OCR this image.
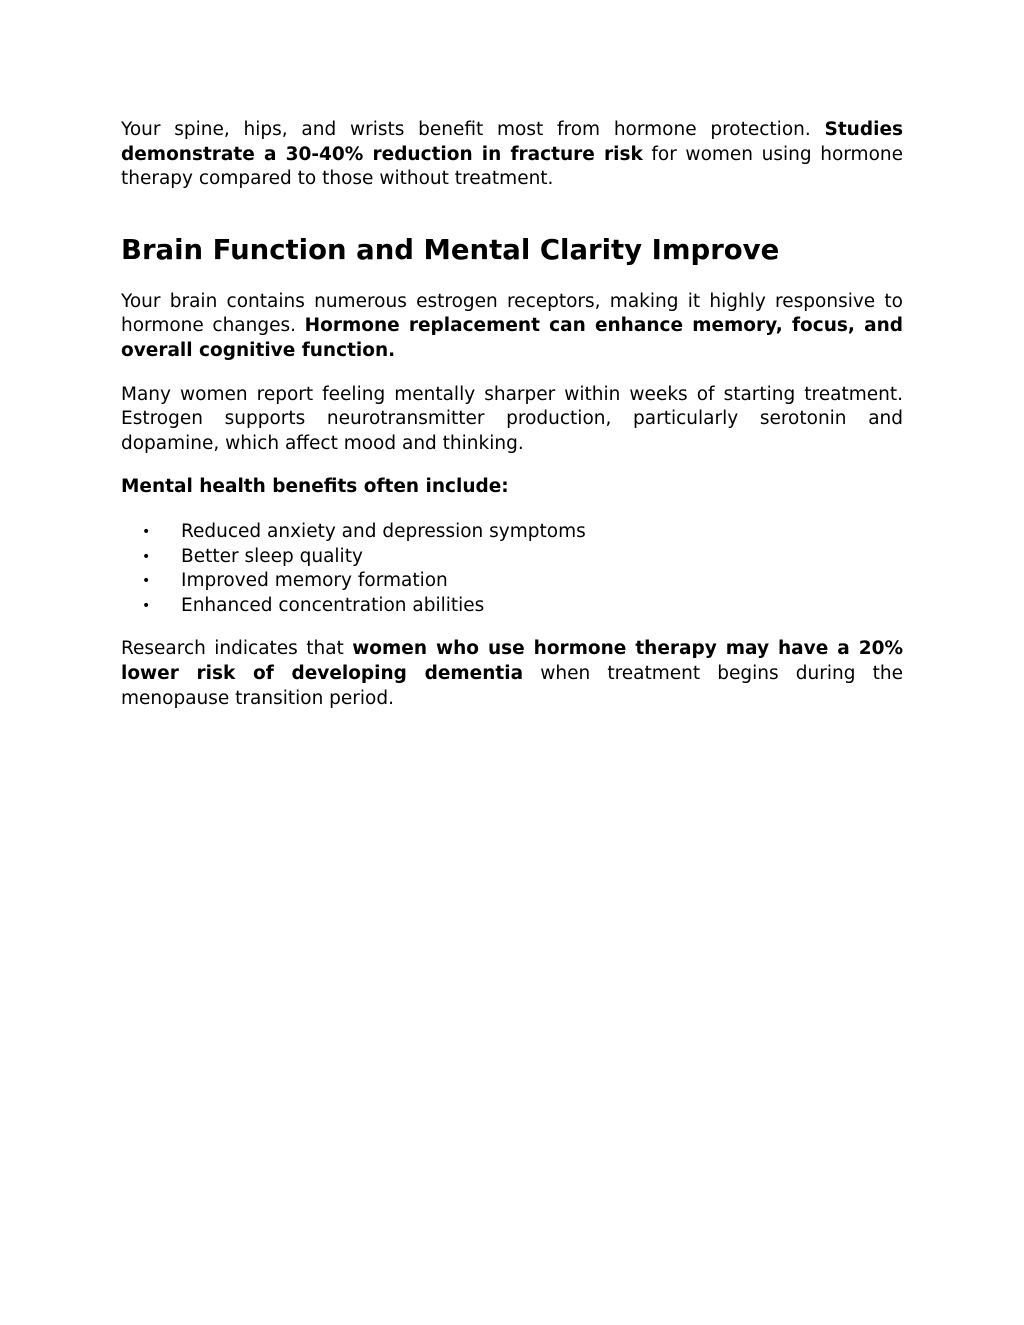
Your spine, hips, and wrists benefit most from hormone protection. Studies demonstrate a 30-40% reduction in fracture risk for women using hormone therapy compared to those without treatment.

Brain Function and Mental Clarity Improve

Your brain contains numerous estrogen receptors, making it highly responsive to hormone changes. Hormone replacement can enhance memory, focus, and overall cognitive function.

Many women report feeling mentally sharper within weeks of starting treatment. Estrogen supports neurotransmitter production, particularly serotonin and dopamine, which affect mood and thinking.

Mental health benefits often include:
• Reduced anxiety and depression symptoms
• Better sleep quality
• Improved memory formation
• Enhanced concentration abilities

Research indicates that women who use hormone therapy may have a 20% lower risk of developing dementia when treatment begins during the menopause transition period.
